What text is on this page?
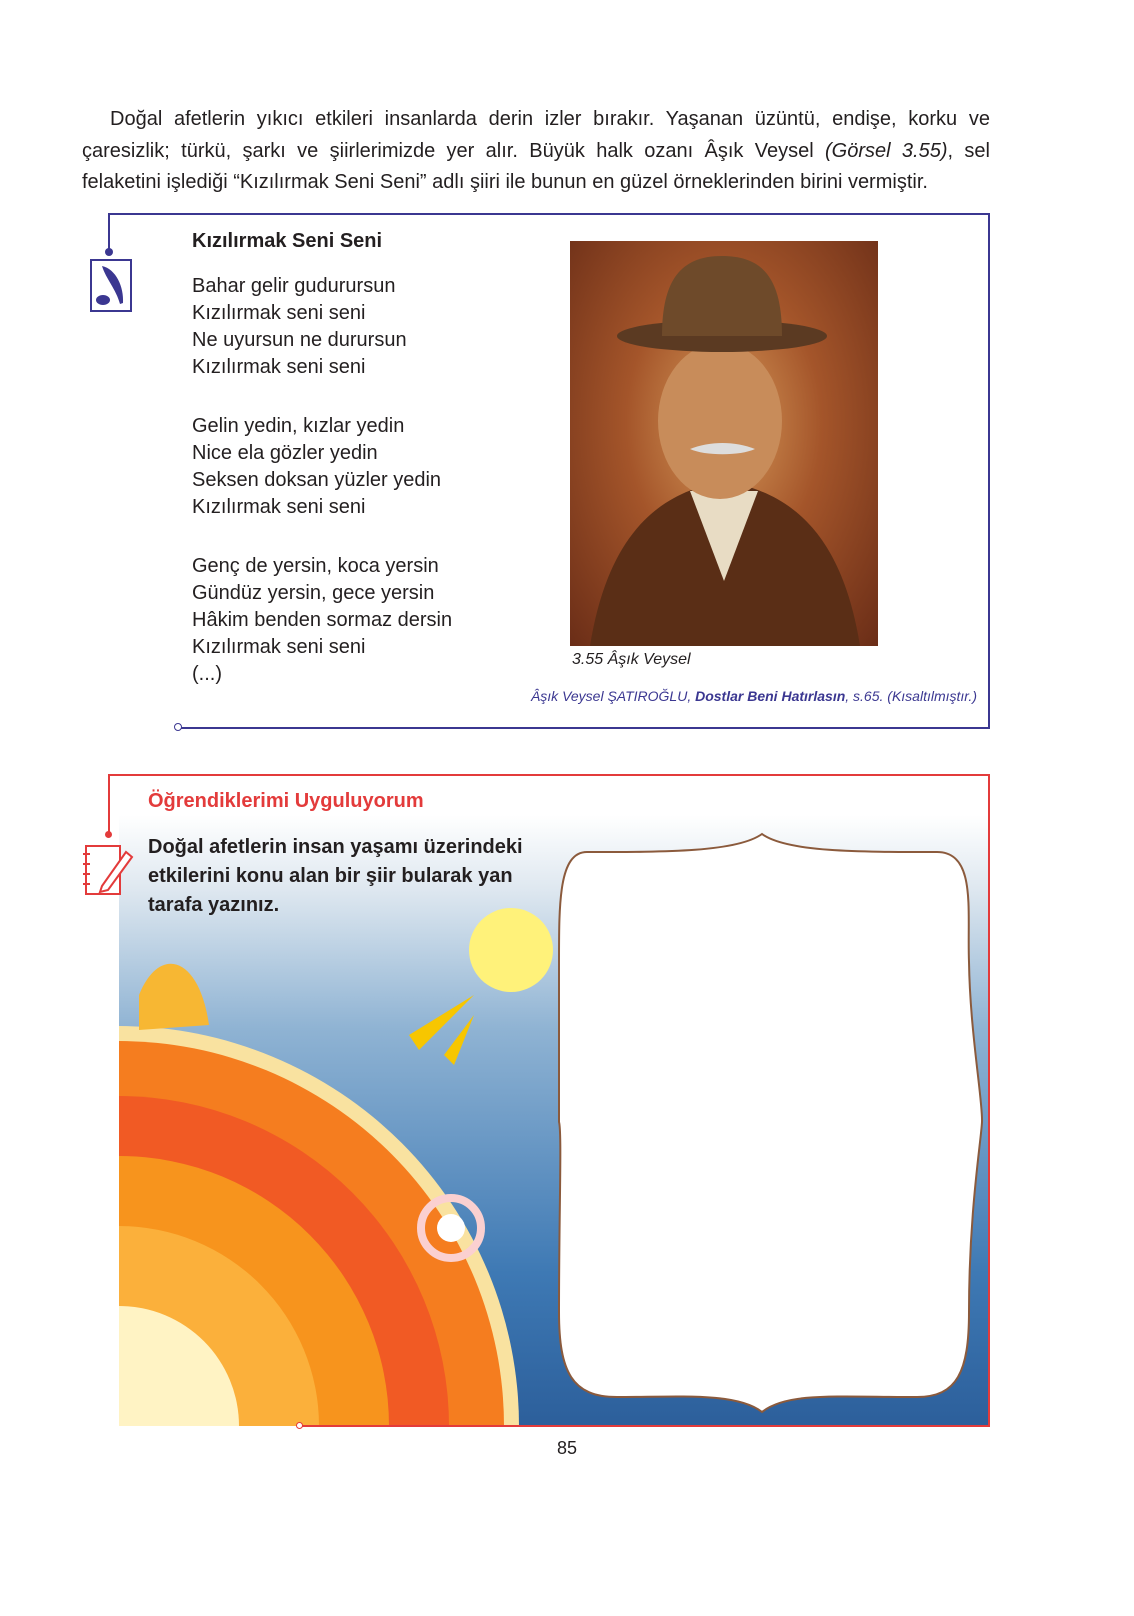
Doğal afetlerin yıkıcı etkileri insanlarda derin izler bırakır. Yaşanan üzüntü, endişe, korku ve çaresizlik; türkü, şarkı ve şiirlerimizde yer alır. Büyük halk ozanı Âşık Veysel (Görsel 3.55), sel felaketini işlediği “Kızılırmak Seni Seni” adlı şiiri ile bunun en güzel örneklerinden birini vermiştir.
Kızılırmak Seni Seni
Bahar gelir gudurursun
Kızılırmak seni seni
Ne uyursun ne durursun
Kızılırmak seni seni
Gelin yedin, kızlar yedin
Nice ela gözler yedin
Seksen doksan yüzler yedin
Kızılırmak seni seni
Genç de yersin, koca yersin
Gündüz yersin, gece yersin
Hâkim benden sormaz dersin
Kızılırmak seni seni
(...)
3.55 Âşık Veysel
Âşık Veysel ŞATIROĞLU, Dostlar Beni Hatırlasın, s.65. (Kısaltılmıştır.)
Öğrendiklerimi Uyguluyorum
Doğal afetlerin insan yaşamı üzerindeki etkilerini konu alan bir şiir bularak yan tarafa yazınız.
85
